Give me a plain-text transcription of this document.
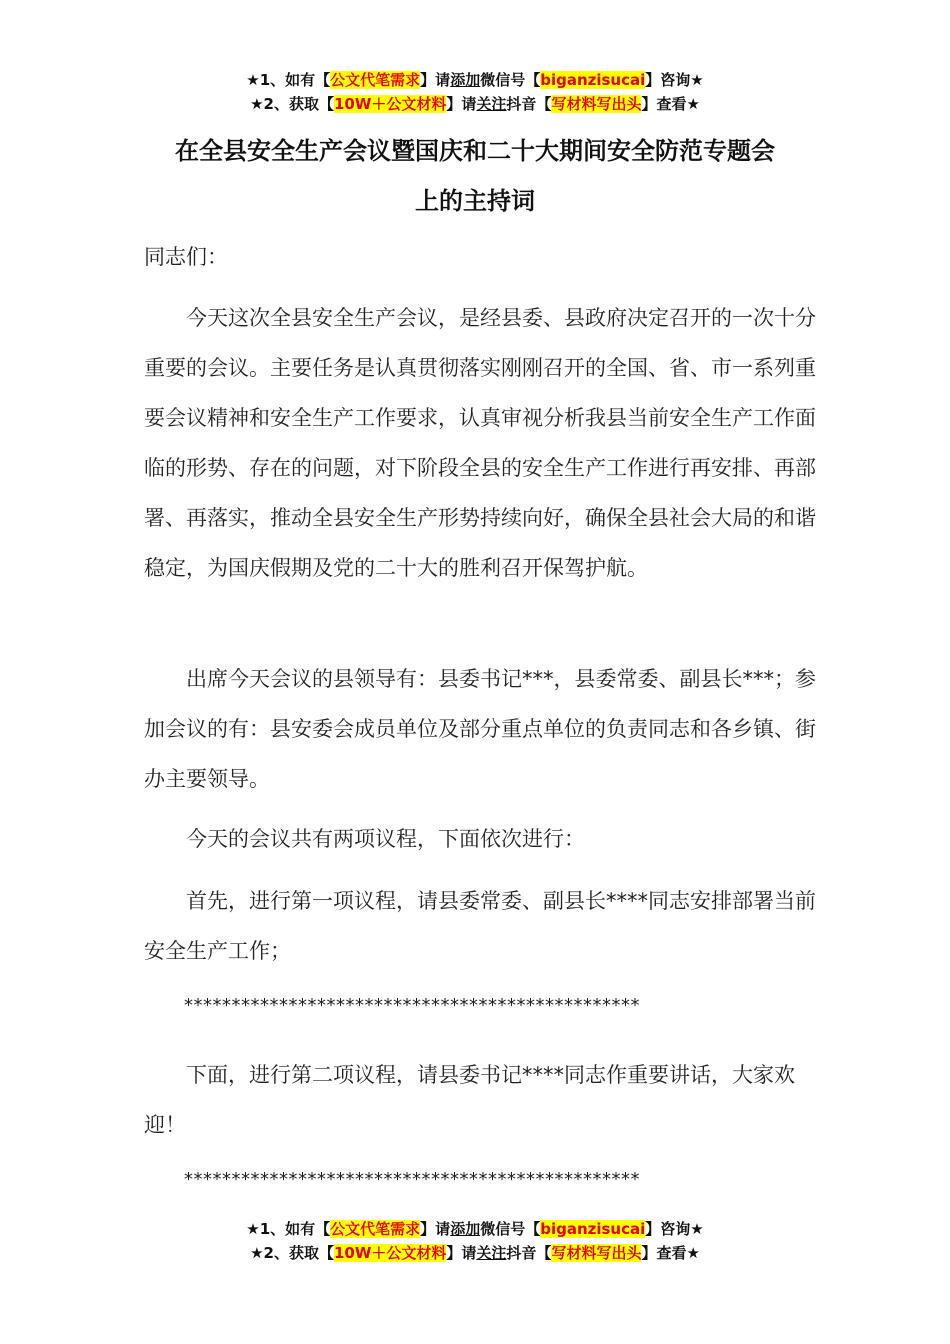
★1、如有【公文代笔需求】请添加微信号【biganzisucai】咨询★
★2、获取【10W＋公文材料】请关注抖音【写材料写出头】查看★
在全县安全生产会议暨国庆和二十大期间安全防范专题会
上的主持词
同志们：
今天这次全县安全生产会议，是经县委、县政府决定召开的一次十分重要的会议。主要任务是认真贯彻落实刚刚召开的全国、省、市一系列重要会议精神和安全生产工作要求，认真审视分析我县当前安全生产工作面临的形势、存在的问题，对下阶段全县的安全生产工作进行再安排、再部署、再落实，推动全县安全生产形势持续向好，确保全县社会大局的和谐稳定，为国庆假期及党的二十大的胜利召开保驾护航。
出席今天会议的县领导有：县委书记***，县委常委、副县长***；参加会议的有：县安委会成员单位及部分重点单位的负责同志和各乡镇、街办主要领导。
今天的会议共有两项议程，下面依次进行：
首先，进行第一项议程，请县委常委、副县长****同志安排部署当前安全生产工作；
************************************************
下面，进行第二项议程，请县委书记****同志作重要讲话，大家欢迎！
************************************************
★1、如有【公文代笔需求】请添加微信号【biganzisucai】咨询★
★2、获取【10W＋公文材料】请关注抖音【写材料写出头】查看★
